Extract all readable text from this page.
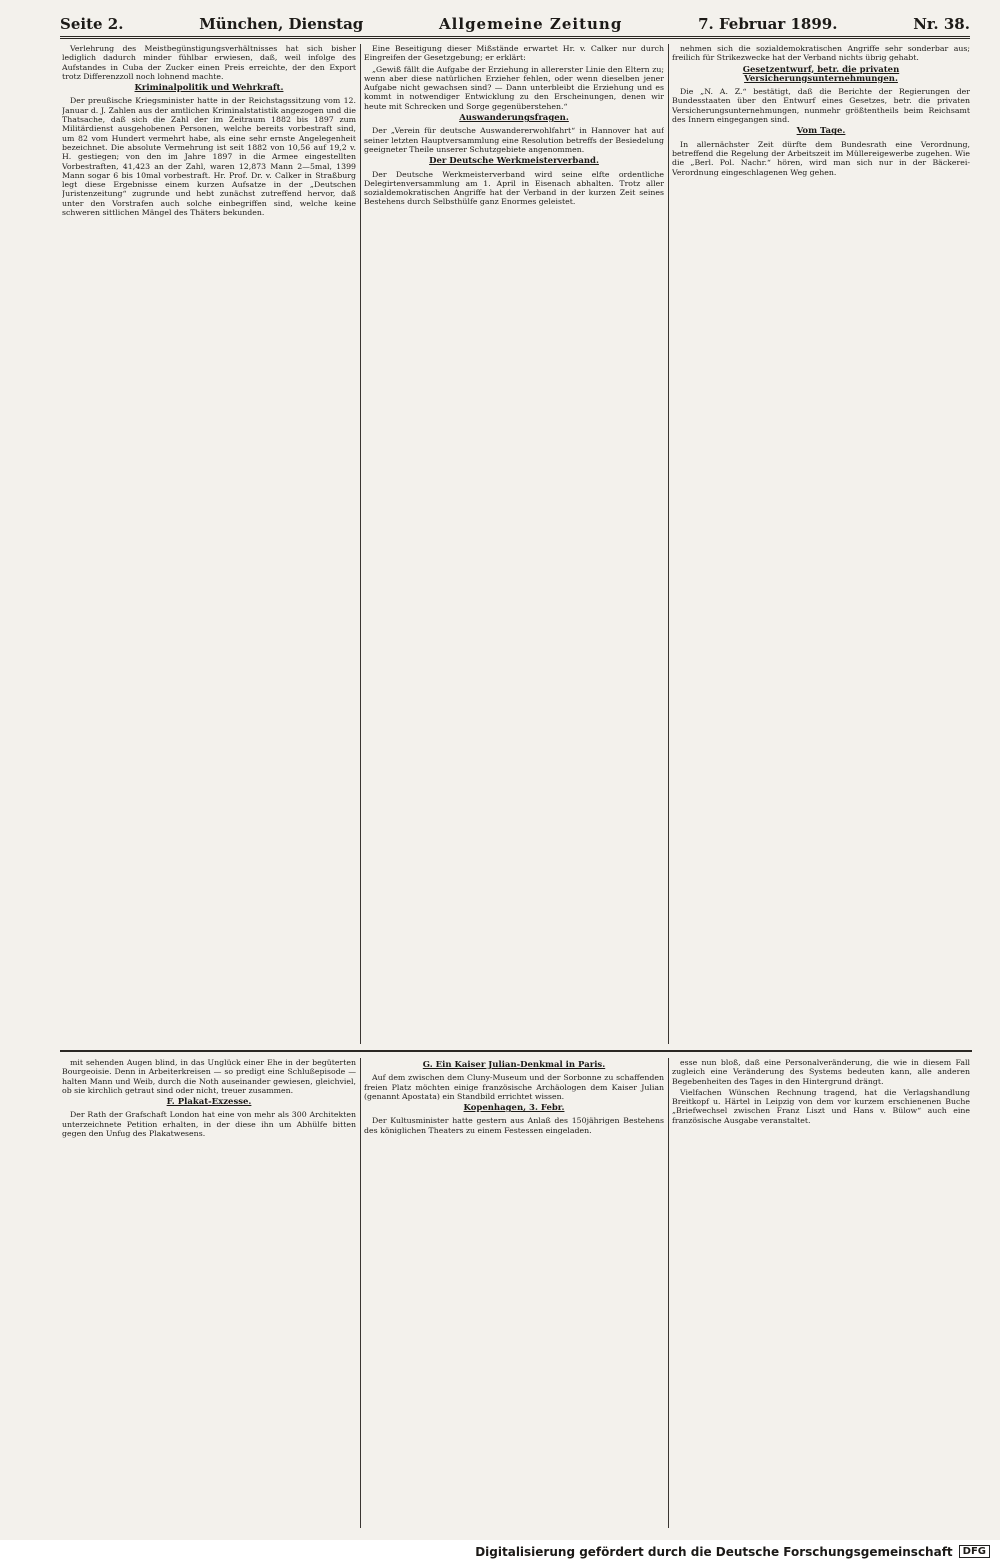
Seite 2.	München, Dienstag	Allgemeine Zeitung	7. Februar 1899.	Nr. 38.

Verlehrung des Meistbegünstigungsverhältnisses hat sich bisher lediglich dadurch minder fühlbar erwiesen, daß, weil infolge des Aufstandes in Cuba der Zucker einen Preis erreichte, der den Export trotz Differenzzoll noch lohnend machte.

Kriminalpolitik und Wehrkraft.

Der preußische Kriegsminister hatte in der Reichstagssitzung vom 12. Januar d. J. Zahlen aus der amtlichen Kriminalstatistik angezogen und die Thatsache, daß sich die Zahl der im Zeitraum 1882 bis 1897 zum Militärdienst ausgehobenen Personen, welche bereits vorbestraft sind, um 82 vom Hundert vermehrt habe, als eine sehr ernste Angelegenheit bezeichnet. Die absolute Vermehrung ist seit 1882 von 10,56 auf 19,2 v. H. gestiegen; von den im Jahre 1897 in die Armee eingestellten Vorbestraften, 41,423 an der Zahl, waren 12,873 Mann 2—5mal, 1399 Mann sogar 6 bis 10mal vorbestraft. Hr. Prof. Dr. v. Calker in Straßburg legt diese Ergebnisse einem kurzen Aufsatze in der „Deutschen Juristenzeitung“ zugrunde und hebt zunächst zutreffend hervor, daß unter den Vorstrafen auch solche einbegriffen sind, welche keine schweren sittlichen Mängel des Thäters bekunden.

Eine Beseitigung dieser Mißstände erwartet Hr. v. Calker nur durch Eingreifen der Gesetzgebung; er erklärt:

„Gewiß fällt die Aufgabe der Erziehung in allererster Linie den Eltern zu; wenn aber diese natürlichen Erzieher fehlen, oder wenn dieselben jener Aufgabe nicht gewachsen sind? — Dann unterbleibt die Erziehung und es kommt in notwendiger Entwicklung zu den Erscheinungen, denen wir heute mit Schrecken und Sorge gegenüberstehen.“

Auswanderungsfragen.

Der „Verein für deutsche Auswandererwohlfahrt“ in Hannover hat auf seiner letzten Hauptversammlung eine Resolution betreffs der Besiedelung geeigneter Theile unserer Schutzgebiete angenommen.

Der Deutsche Werkmeisterverband.

Der Deutsche Werkmeisterverband wird seine elfte ordentliche Delegirtenversammlung am 1. April in Eisenach abhalten. Trotz aller sozialdemokratischen Angriffe hat der Verband in der kurzen Zeit seines Bestehens durch Selbsthülfe ganz Enormes geleistet.

nehmen sich die sozialdemokratischen Angriffe sehr sonderbar aus; freilich für Strikezwecke hat der Verband nichts übrig gehabt.

Gesetzentwurf, betr. die privaten Versicherungsunternehmungen.

Die „N. A. Z.“ bestätigt, daß die Berichte der Regierungen der Bundesstaaten über den Entwurf eines Gesetzes, betr. die privaten Versicherungsunternehmungen, nunmehr größtentheils beim Reichsamt des Innern eingegangen sind.

Vom Tage.

In allernächster Zeit dürfte dem Bundesrath eine Verordnung, betreffend die Regelung der Arbeitszeit im Müllereigewerbe zugehen. Wie die „Berl. Pol. Nachr.“ hören, wird man sich nur in der Bäckerei-Verordnung eingeschlagenen Weg gehen.

mit sehenden Augen blind, in das Unglück einer Ehe in der begüterten Bourgeoisie. Denn in Arbeiterkreisen — so predigt eine Schlußepisode — halten Mann und Weib, durch die Noth auseinander gewiesen, gleichviel, ob sie kirchlich getraut sind oder nicht, treuer zusammen.

F. Plakat-Exzesse.

Der Rath der Grafschaft London hat eine von mehr als 300 Architekten unterzeichnete Petition erhalten, in der diese ihn um Abhülfe bitten gegen den Unfug des Plakatwesens.

G. Ein Kaiser Julian-Denkmal in Paris.

Auf dem zwischen dem Cluny-Museum und der Sorbonne zu schaffenden freien Platz möchten einige französische Archäologen dem Kaiser Julian (genannt Apostata) ein Standbild errichtet wissen.

Kopenhagen, 3. Febr.

Der Kultusminister hatte gestern aus Anlaß des 150jährigen Bestehens des königlichen Theaters zu einem Festessen eingeladen.

esse nun bloß, daß eine Personalveränderung, die wie in diesem Fall zugleich eine Veränderung des Systems bedeuten kann, alle anderen Begebenheiten des Tages in den Hintergrund drängt.

Vielfachen Wünschen Rechnung tragend, hat die Verlagshandlung Breitkopf u. Härtel in Leipzig von dem vor kurzem erschienenen Buche „Briefwechsel zwischen Franz Liszt und Hans v. Bülow“ auch eine französische Ausgabe veranstaltet.

Digitalisierung gefördert durch die Deutsche Forschungsgemeinschaft	DFG
